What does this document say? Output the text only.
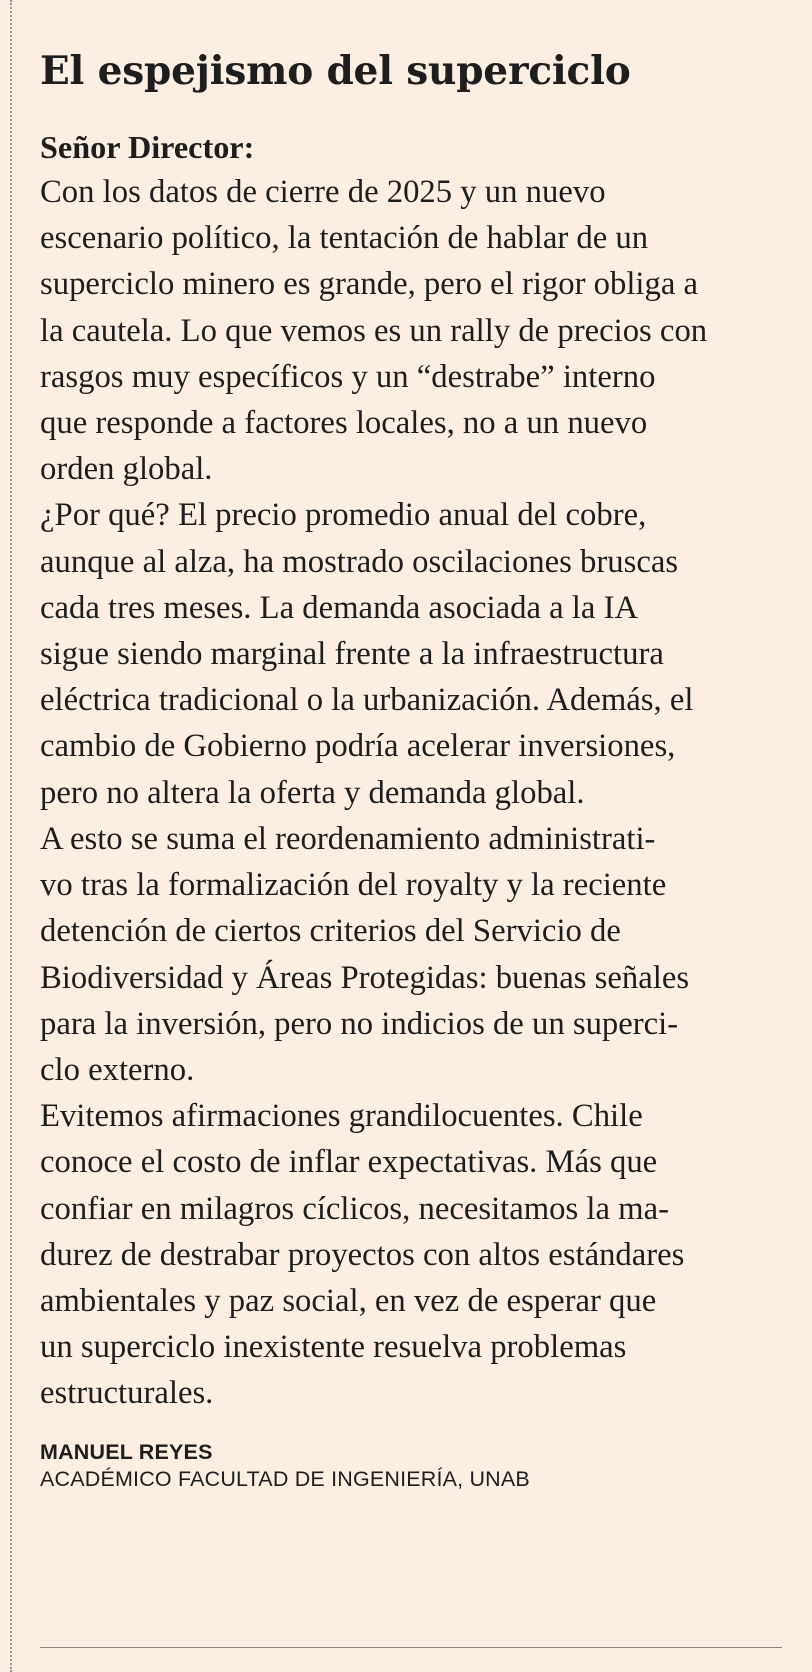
El espejismo del superciclo
Señor Director:

Con los datos de cierre de 2025 y un nuevo

escenario político, la tentación de hablar de un

superciclo minero es grande, pero el rigor obliga a

la cautela. Lo que vemos es un rally de precios con

rasgos muy específicos y un “destrabe” interno

que responde a factores locales, no a un nuevo

orden global.

¿Por qué? El precio promedio anual del cobre,

aunque al alza, ha mostrado oscilaciones bruscas

cada tres meses. La demanda asociada a la IA

sigue siendo marginal frente a la infraestructura

eléctrica tradicional o la urbanización. Además, el

cambio de Gobierno podría acelerar inversiones,

pero no altera la oferta y demanda global.

A esto se suma el reordenamiento administrati-

vo tras la formalización del royalty y la reciente

detención de ciertos criterios del Servicio de

Biodiversidad y Áreas Protegidas: buenas señales

para la inversión, pero no indicios de un superci-

clo externo.

Evitemos afirmaciones grandilocuentes. Chile

conoce el costo de inflar expectativas. Más que

confiar en milagros cíclicos, necesitamos la ma-

durez de destrabar proyectos con altos estándares

ambientales y paz social, en vez de esperar que

un superciclo inexistente resuelva problemas

estructurales.

MANUEL REYES
ACADÉMICO FACULTAD DE INGENIERÍA, UNAB
